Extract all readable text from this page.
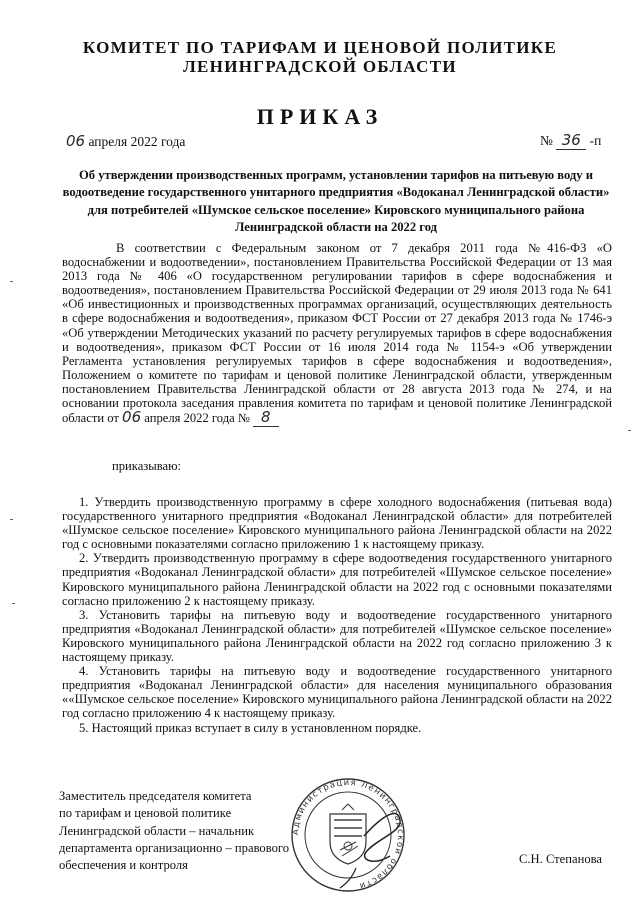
КОМИТЕТ ПО ТАРИФАМ И ЦЕНОВОЙ ПОЛИТИКЕ
ЛЕНИНГРАДСКОЙ ОБЛАСТИ
ПРИКАЗ
06 апреля 2022 года	№ 36 -п
Об утверждении производственных программ, установлении тарифов на питьевую воду и водоотведение государственного унитарного предприятия «Водоканал Ленинградской области» для потребителей «Шумское сельское поселение» Кировского муниципального района Ленинградской области на 2022 год
В соответствии с Федеральным законом от 7 декабря 2011 года №416-ФЗ «О водоснабжении и водоотведении», постановлением Правительства Российской Федерации от 13 мая 2013 года № 406 «О государственном регулировании тарифов в сфере водоснабжения и водоотведения», постановлением Правительства Российской Федерации от 29 июля 2013 года № 641 «Об инвестиционных и производственных программах организаций, осуществляющих деятельность в сфере водоснабжения и водоотведения», приказом ФСТ России от 27 декабря 2013 года № 1746-э «Об утверждении Методических указаний по расчету регулируемых тарифов в сфере водоснабжения и водоотведения», приказом ФСТ России от 16 июля 2014 года № 1154-э «Об утверждении Регламента установления регулируемых тарифов в сфере водоснабжения и водоотведения», Положением о комитете по тарифам и ценовой политике Ленинградской области, утвержденным постановлением Правительства Ленинградской области от 28 августа 2013 года № 274, и на основании протокола заседания правления комитета по тарифам и ценовой политике Ленинградской области от 06 апреля 2022 года № 8
приказываю:

1. Утвердить производственную программу в сфере холодного водоснабжения (питьевая вода) государственного унитарного предприятия «Водоканал Ленинградской области» для потребителей «Шумское сельское поселение» Кировского муниципального района Ленинградской области на 2022 год с основными показателями согласно приложению 1 к настоящему приказу.

2. Утвердить производственную программу в сфере водоотведения государственного унитарного предприятия «Водоканал Ленинградской области» для потребителей «Шумское сельское поселение» Кировского муниципального района Ленинградской области на 2022 год с основными показателями согласно приложению 2 к настоящему приказу.

3. Установить тарифы на питьевую воду и водоотведение государственного унитарного предприятия «Водоканал Ленинградской области» для потребителей «Шумское сельское поселение» Кировского муниципального района Ленинградской области на 2022 год согласно приложению 3 к настоящему приказу.

4. Установить тарифы на питьевую воду и водоотведение государственного унитарного предприятия «Водоканал Ленинградской области» для населения муниципального образования ««Шумское сельское поселение» Кировского муниципального района Ленинградской области на 2022 год согласно приложению 4 к настоящему приказу.

5. Настоящий приказ вступает в силу в установленном порядке.

Заместитель председателя комитета
по тарифам и ценовой политике
Ленинградской области – начальник
департамента организационно – правового
обеспечения и контроля
Администрация Ленинградской области
С.Н. Степанова
